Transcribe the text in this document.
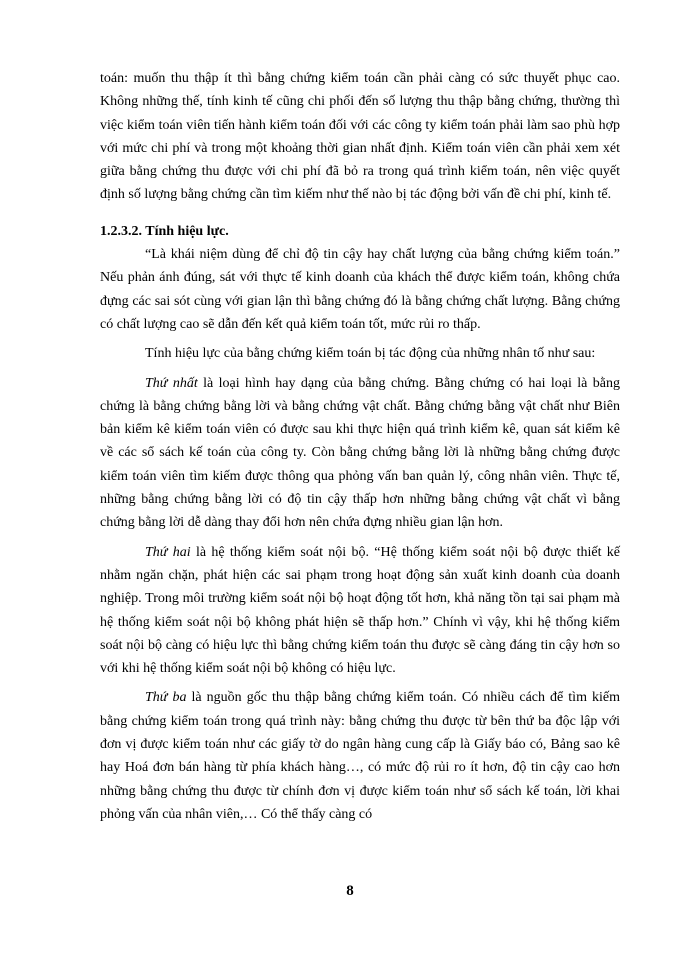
toán: muốn thu thập ít thì bằng chứng kiểm toán cần phải càng có sức thuyết phục cao. Không những thế, tính kinh tế cũng chi phối đến số lượng thu thập bằng chứng, thường thì việc kiểm toán viên tiến hành kiểm toán đối với các công ty kiểm toán phải làm sao phù hợp với mức chi phí và trong một khoảng thời gian nhất định. Kiểm toán viên cần phải xem xét giữa bằng chứng thu được với chi phí đã bỏ ra trong quá trình kiểm toán, nên việc quyết định số lượng bằng chứng cần tìm kiếm như thế nào bị tác động bởi vấn đề chi phí, kinh tế.

1.2.3.2. Tính hiệu lực.

“Là khái niệm dùng để chỉ độ tin cậy hay chất lượng của bằng chứng kiểm toán.” Nếu phản ánh đúng, sát với thực tế kinh doanh của khách thể được kiểm toán, không chứa đựng các sai sót cùng với gian lận thì bằng chứng đó là bằng chứng chất lượng. Bằng chứng có chất lượng cao sẽ dẫn đến kết quả kiểm toán tốt, mức rủi ro thấp.

Tính hiệu lực của bằng chứng kiểm toán bị tác động của những nhân tố như sau:

Thứ nhất là loại hình hay dạng của bằng chứng. Bằng chứng có hai loại là bằng chứng là bằng chứng bằng lời và bằng chứng vật chất. Bằng chứng bằng vật chất như Biên bản kiểm kê kiểm toán viên có được sau khi thực hiện quá trình kiểm kê, quan sát kiểm kê về các sổ sách kế toán của công ty. Còn bằng chứng bằng lời là những bằng chứng được kiểm toán viên tìm kiếm được thông qua phỏng vấn ban quản lý, công nhân viên. Thực tế, những bằng chứng bằng lời có độ tin cậy thấp hơn những bằng chứng vật chất vì bằng chứng bằng lời dễ dàng thay đổi hơn nên chứa đựng nhiều gian lận hơn.

Thứ hai là hệ thống kiểm soát nội bộ. “Hệ thống kiểm soát nội bộ được thiết kế nhằm ngăn chặn, phát hiện các sai phạm trong hoạt động sản xuất kinh doanh của doanh nghiệp. Trong môi trường kiểm soát nội bộ hoạt động tốt hơn, khả năng tồn tại sai phạm mà hệ thống kiểm soát nội bộ không phát hiện sẽ thấp hơn.” Chính vì vậy, khi hệ thống kiểm soát nội bộ càng có hiệu lực thì bằng chứng kiểm toán thu được sẽ càng đáng tin cậy hơn so với khi hệ thống kiểm soát nội bộ không có hiệu lực.

Thứ ba là nguồn gốc thu thập bằng chứng kiểm toán. Có nhiều cách để tìm kiếm bằng chứng kiểm toán trong quá trình này: bằng chứng thu được từ bên thứ ba độc lập với đơn vị được kiểm toán như các giấy tờ do ngân hàng cung cấp là Giấy báo có, Bảng sao kê hay Hoá đơn bán hàng từ phía khách hàng…, có mức độ rủi ro ít hơn, độ tin cậy cao hơn những bằng chứng thu được từ chính đơn vị được kiểm toán như sổ sách kế toán, lời khai phỏng vấn của nhân viên,… Có thể thấy càng có

8
